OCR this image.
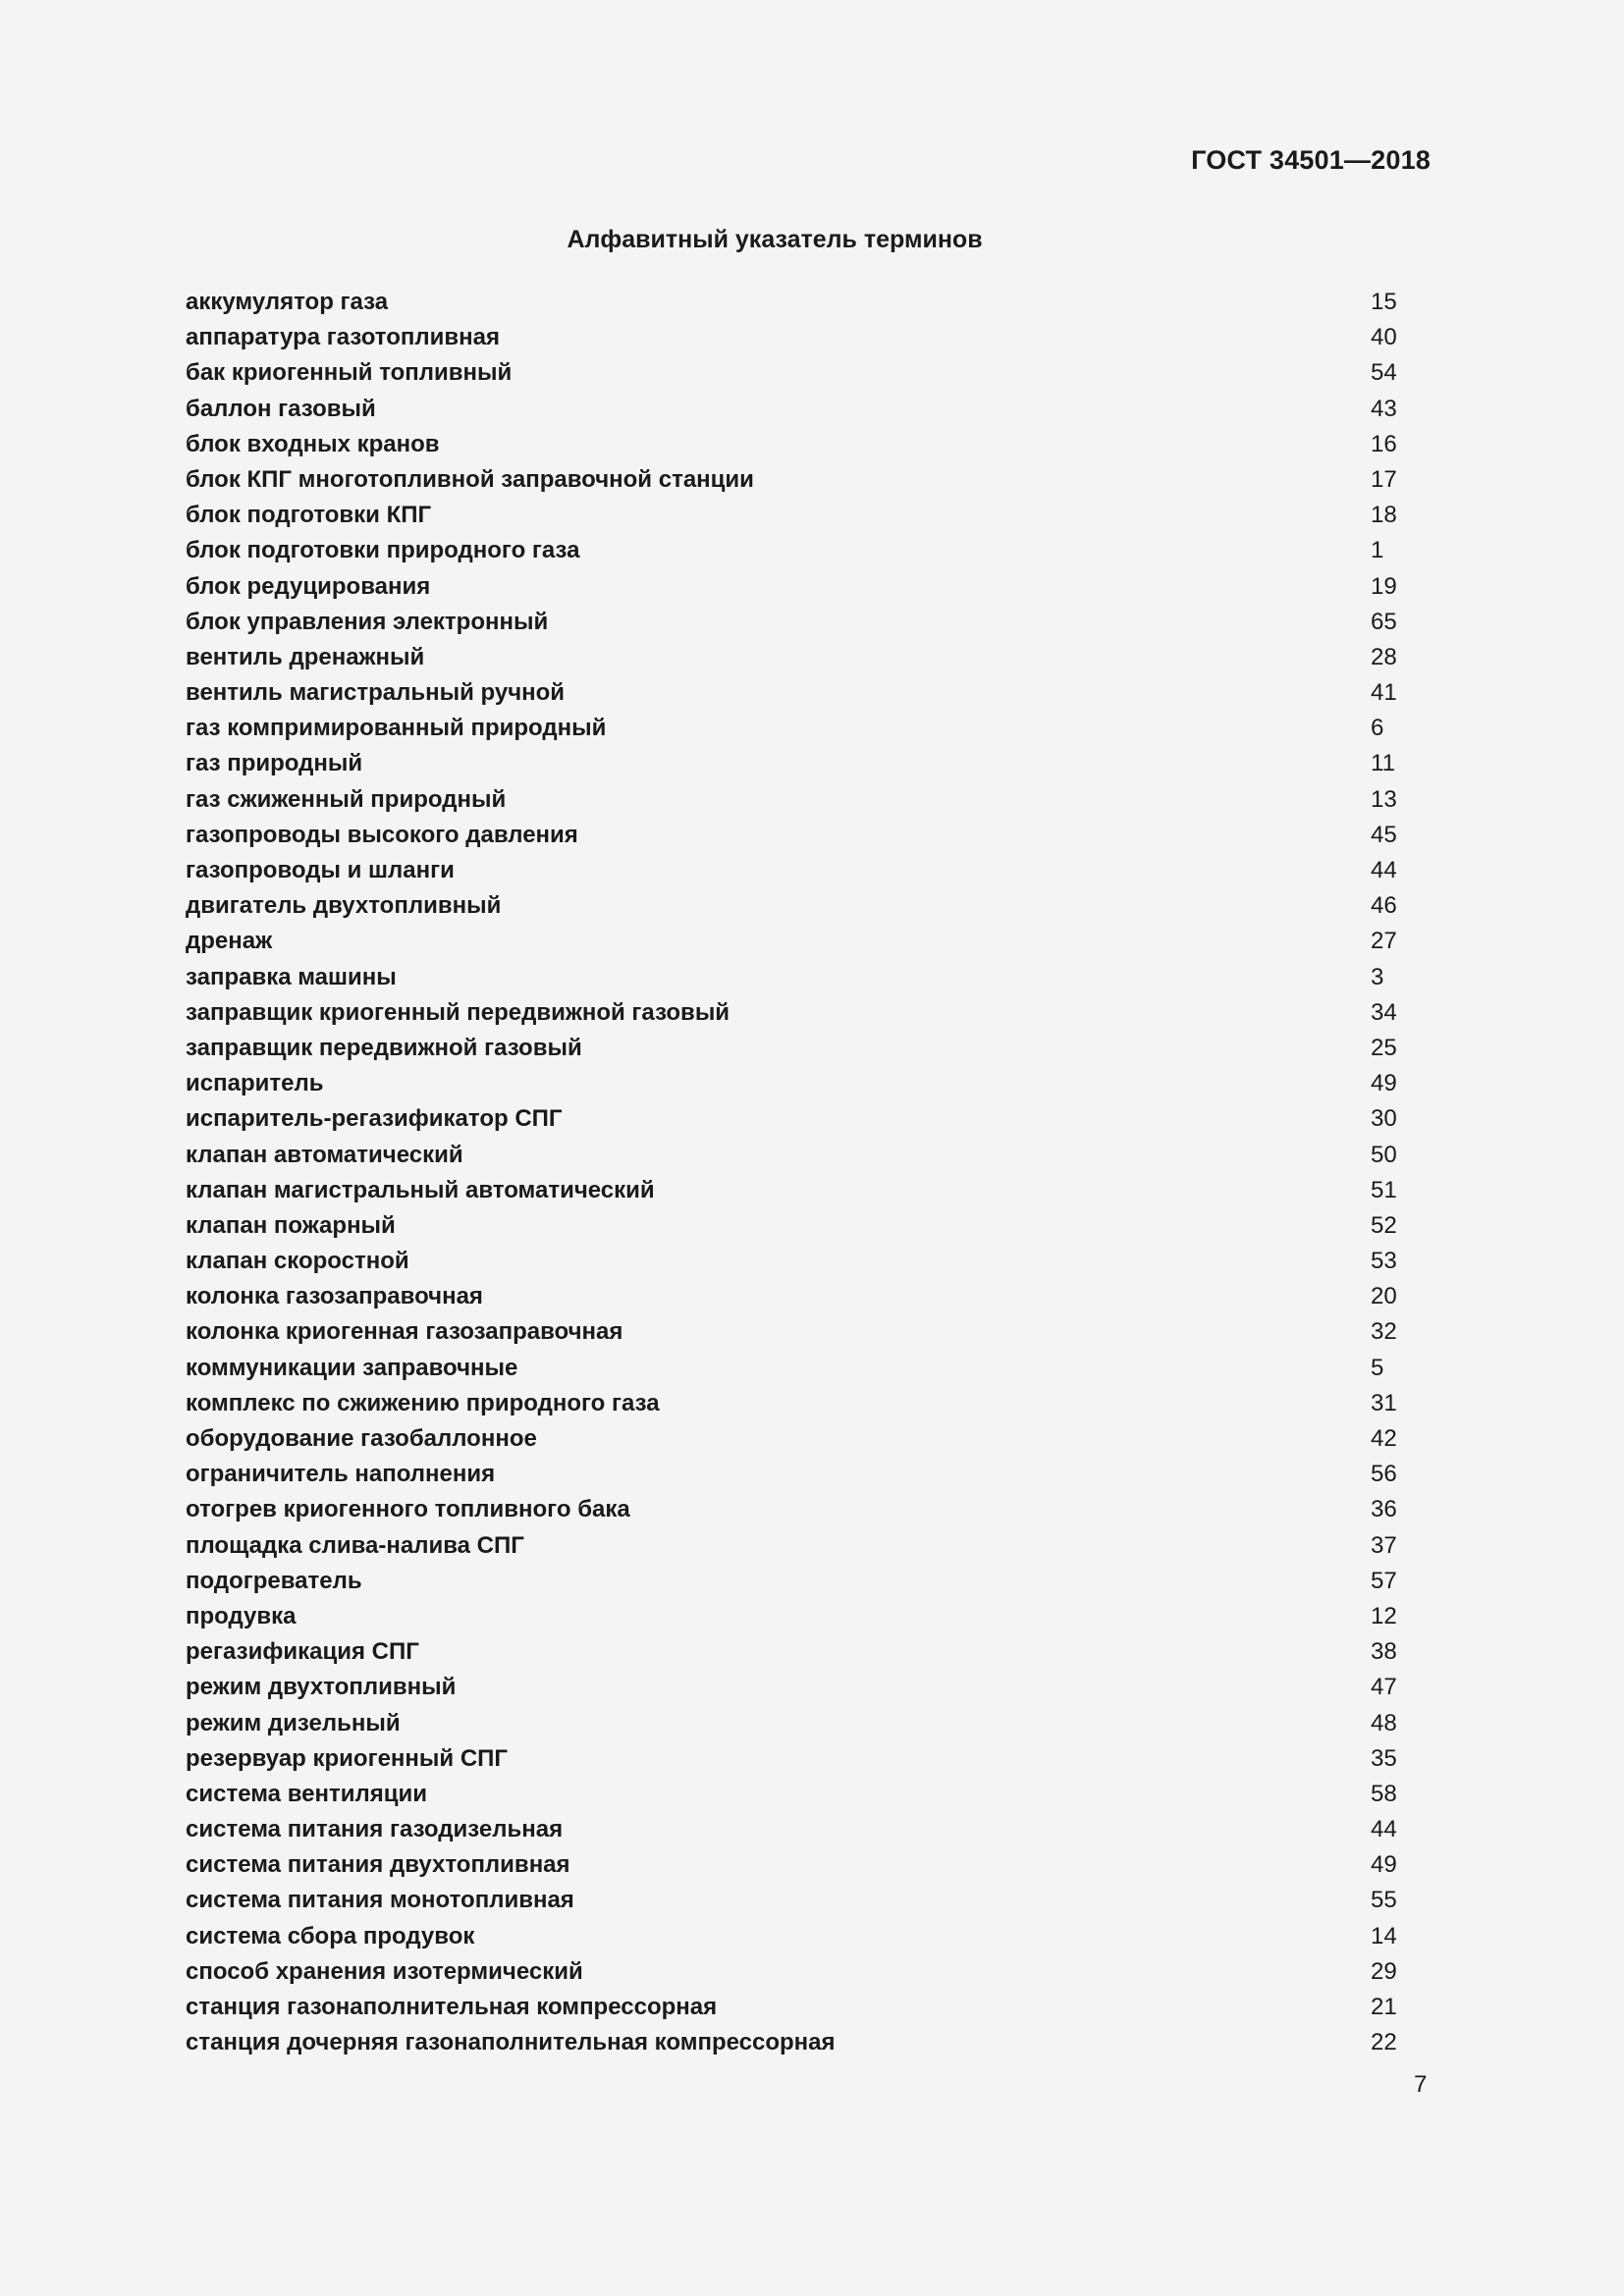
ГОСТ 34501—2018
Алфавитный указатель терминов
аккумулятор газа	15
аппаратура газотопливная	40
бак криогенный топливный	54
баллон газовый	43
блок входных кранов	16
блок КПГ многотопливной заправочной станции	17
блок подготовки КПГ	18
блок подготовки природного газа	1
блок редуцирования	19
блок управления электронный	65
вентиль дренажный	28
вентиль магистральный ручной	41
газ компримированный природный	6
газ природный	11
газ сжиженный природный	13
газопроводы высокого давления	45
газопроводы и шланги	44
двигатель двухтопливный	46
дренаж	27
заправка машины	3
заправщик криогенный передвижной газовый	34
заправщик передвижной газовый	25
испаритель	49
испаритель-регазификатор СПГ	30
клапан автоматический	50
клапан магистральный автоматический	51
клапан пожарный	52
клапан скоростной	53
колонка газозаправочная	20
колонка криогенная газозаправочная	32
коммуникации заправочные	5
комплекс по сжижению природного газа	31
оборудование газобаллонное	42
ограничитель наполнения	56
отогрев криогенного топливного бака	36
площадка слива-налива СПГ	37
подогреватель	57
продувка	12
регазификация СПГ	38
режим двухтопливный	47
режим дизельный	48
резервуар криогенный СПГ	35
система вентиляции	58
система питания газодизельная	44
система питания двухтопливная	49
система питания монотопливная	55
система сбора продувок	14
способ хранения изотермический	29
станция газонаполнительная компрессорная	21
станция дочерняя газонаполнительная компрессорная	22
7
